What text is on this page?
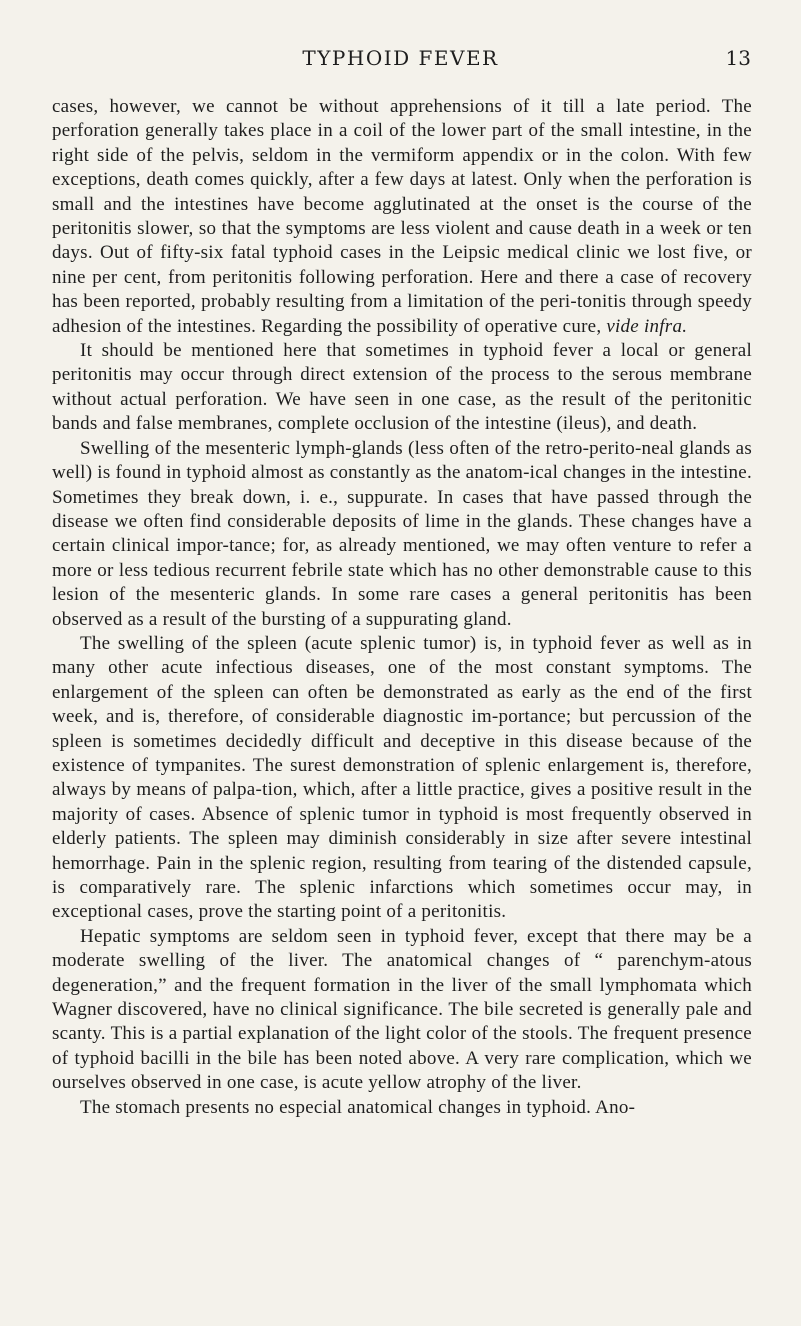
TYPHOID FEVER	13

cases, however, we cannot be without apprehensions of it till a late period. The perforation generally takes place in a coil of the lower part of the small intestine, in the right side of the pelvis, seldom in the vermiform appendix or in the colon. With few exceptions, death comes quickly, after a few days at latest. Only when the perforation is small and the intestines have become agglutinated at the onset is the course of the peritonitis slower, so that the symptoms are less violent and cause death in a week or ten days. Out of fifty-six fatal typhoid cases in the Leipsic medical clinic we lost five, or nine per cent, from peritonitis following perforation. Here and there a case of recovery has been reported, probably resulting from a limitation of the peri-tonitis through speedy adhesion of the intestines. Regarding the possibility of operative cure, vide infra.

It should be mentioned here that sometimes in typhoid fever a local or general peritonitis may occur through direct extension of the process to the serous membrane without actual perforation. We have seen in one case, as the result of the peritonitic bands and false membranes, complete occlusion of the intestine (ileus), and death.

Swelling of the mesenteric lymph-glands (less often of the retro-perito-neal glands as well) is found in typhoid almost as constantly as the anatom-ical changes in the intestine. Sometimes they break down, i. e., suppurate. In cases that have passed through the disease we often find considerable deposits of lime in the glands. These changes have a certain clinical impor-tance; for, as already mentioned, we may often venture to refer a more or less tedious recurrent febrile state which has no other demonstrable cause to this lesion of the mesenteric glands. In some rare cases a general peritonitis has been observed as a result of the bursting of a suppurating gland.

The swelling of the spleen (acute splenic tumor) is, in typhoid fever as well as in many other acute infectious diseases, one of the most constant symptoms. The enlargement of the spleen can often be demonstrated as early as the end of the first week, and is, therefore, of considerable diagnostic im-portance; but percussion of the spleen is sometimes decidedly difficult and deceptive in this disease because of the existence of tympanites. The surest demonstration of splenic enlargement is, therefore, always by means of palpa-tion, which, after a little practice, gives a positive result in the majority of cases. Absence of splenic tumor in typhoid is most frequently observed in elderly patients. The spleen may diminish considerably in size after severe intestinal hemorrhage. Pain in the splenic region, resulting from tearing of the distended capsule, is comparatively rare. The splenic infarctions which sometimes occur may, in exceptional cases, prove the starting point of a peritonitis.

Hepatic symptoms are seldom seen in typhoid fever, except that there may be a moderate swelling of the liver. The anatomical changes of “ parenchym-atous degeneration,” and the frequent formation in the liver of the small lymphomata which Wagner discovered, have no clinical significance. The bile secreted is generally pale and scanty. This is a partial explanation of the light color of the stools. The frequent presence of typhoid bacilli in the bile has been noted above. A very rare complication, which we ourselves observed in one case, is acute yellow atrophy of the liver.

The stomach presents no especial anatomical changes in typhoid. Ano-
